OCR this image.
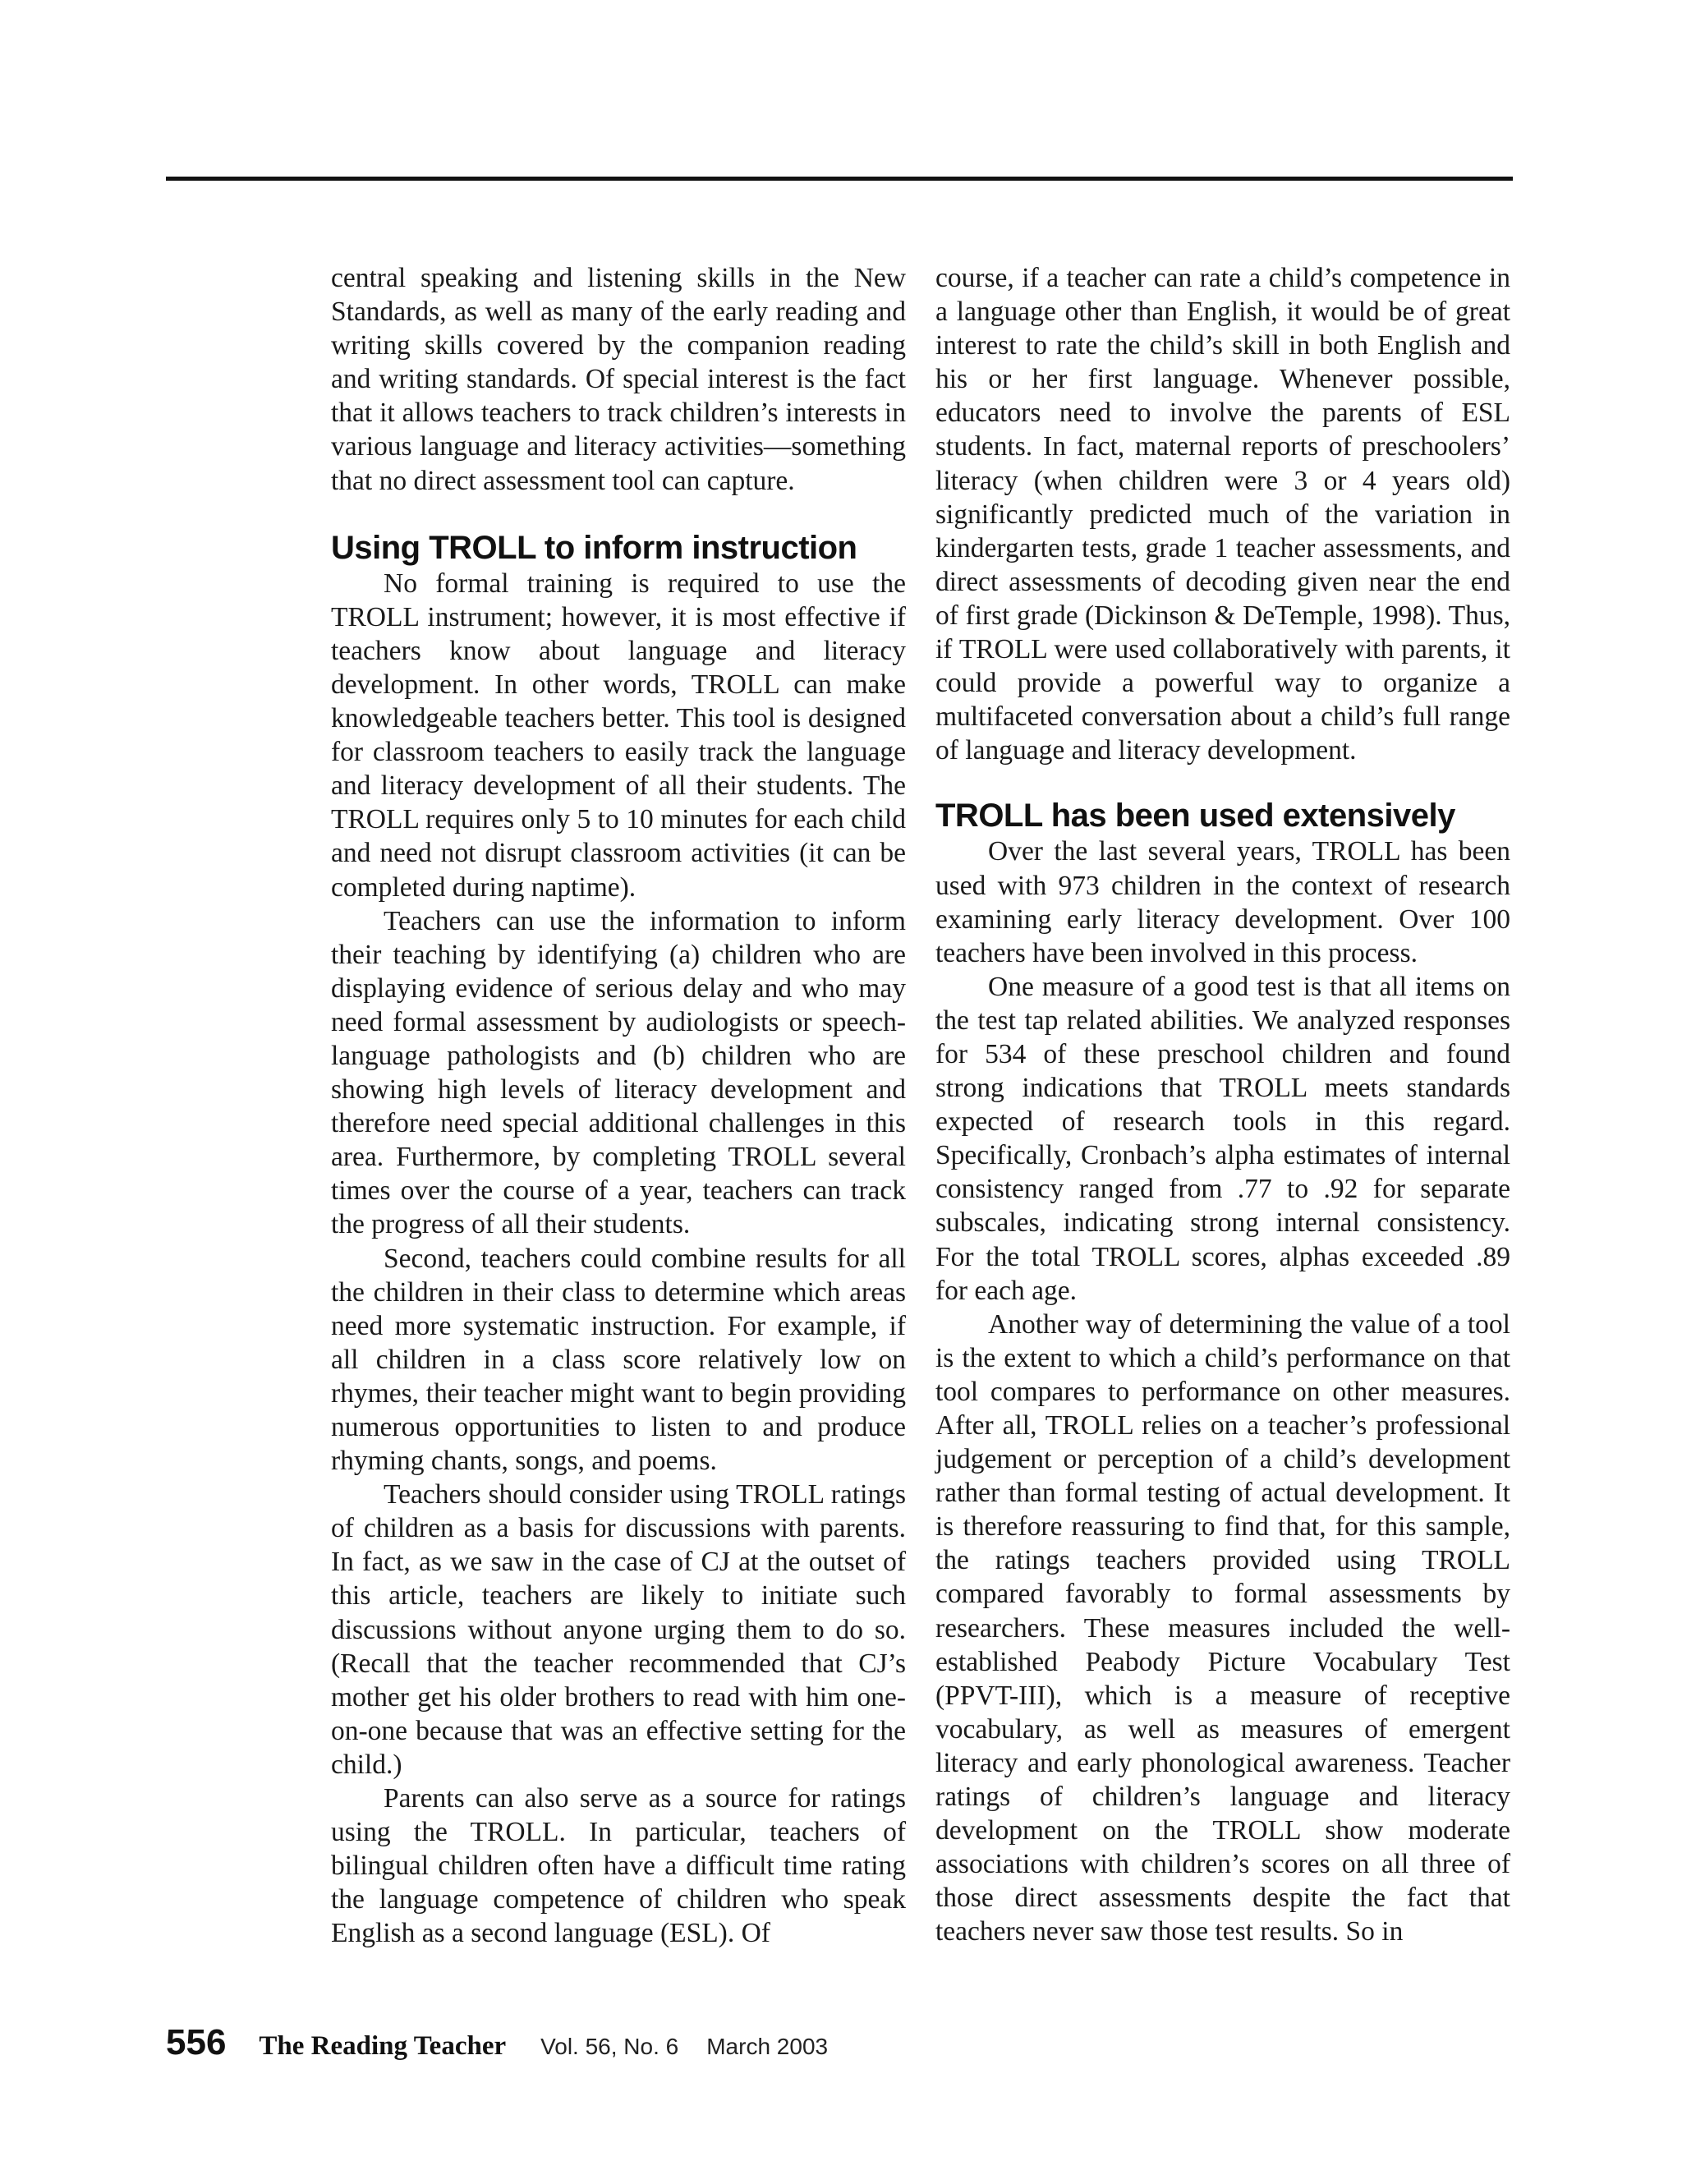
central speaking and listening skills in the New Standards, as well as many of the early reading and writing skills covered by the companion reading and writing standards. Of special interest is the fact that it allows teachers to track children’s interests in various language and literacy activities—something that no direct assessment tool can capture.

Using TROLL to inform instruction

No formal training is required to use the TROLL instrument; however, it is most effective if teachers know about language and literacy development. In other words, TROLL can make knowledgeable teachers better. This tool is designed for classroom teachers to easily track the language and literacy development of all their students. The TROLL requires only 5 to 10 minutes for each child and need not disrupt classroom activities (it can be completed during naptime).

Teachers can use the information to inform their teaching by identifying (a) children who are displaying evidence of serious delay and who may need formal assessment by audiologists or speech-language pathologists and (b) children who are showing high levels of literacy development and therefore need special additional challenges in this area. Furthermore, by completing TROLL several times over the course of a year, teachers can track the progress of all their students.

Second, teachers could combine results for all the children in their class to determine which areas need more systematic instruction. For example, if all children in a class score relatively low on rhymes, their teacher might want to begin providing numerous opportunities to listen to and produce rhyming chants, songs, and poems.

Teachers should consider using TROLL ratings of children as a basis for discussions with parents. In fact, as we saw in the case of CJ at the outset of this article, teachers are likely to initiate such discussions without anyone urging them to do so. (Recall that the teacher recommended that CJ’s mother get his older brothers to read with him one-on-one because that was an effective setting for the child.)

Parents can also serve as a source for ratings using the TROLL. In particular, teachers of bilingual children often have a difficult time rating the language competence of children who speak English as a second language (ESL). Of

course, if a teacher can rate a child’s competence in a language other than English, it would be of great interest to rate the child’s skill in both English and his or her first language. Whenever possible, educators need to involve the parents of ESL students. In fact, maternal reports of preschoolers’ literacy (when children were 3 or 4 years old) significantly predicted much of the variation in kindergarten tests, grade 1 teacher assessments, and direct assessments of decoding given near the end of first grade (Dickinson & DeTemple, 1998). Thus, if TROLL were used collaboratively with parents, it could provide a powerful way to organize a multifaceted conversation about a child’s full range of language and literacy development.

TROLL has been used extensively

Over the last several years, TROLL has been used with 973 children in the context of research examining early literacy development. Over 100 teachers have been involved in this process.

One measure of a good test is that all items on the test tap related abilities. We analyzed responses for 534 of these preschool children and found strong indications that TROLL meets standards expected of research tools in this regard. Specifically, Cronbach’s alpha estimates of internal consistency ranged from .77 to .92 for separate subscales, indicating strong internal consistency. For the total TROLL scores, alphas exceeded .89 for each age.

Another way of determining the value of a tool is the extent to which a child’s performance on that tool compares to performance on other measures. After all, TROLL relies on a teacher’s professional judgement or perception of a child’s development rather than formal testing of actual development. It is therefore reassuring to find that, for this sample, the ratings teachers provided using TROLL compared favorably to formal assessments by researchers. These measures included the well-established Peabody Picture Vocabulary Test (PPVT-III), which is a measure of receptive vocabulary, as well as measures of emergent literacy and early phonological awareness. Teacher ratings of children’s language and literacy development on the TROLL show moderate associations with children’s scores on all three of those direct assessments despite the fact that teachers never saw those test results. So in

556 The Reading Teacher Vol. 56, No. 6 March 2003
